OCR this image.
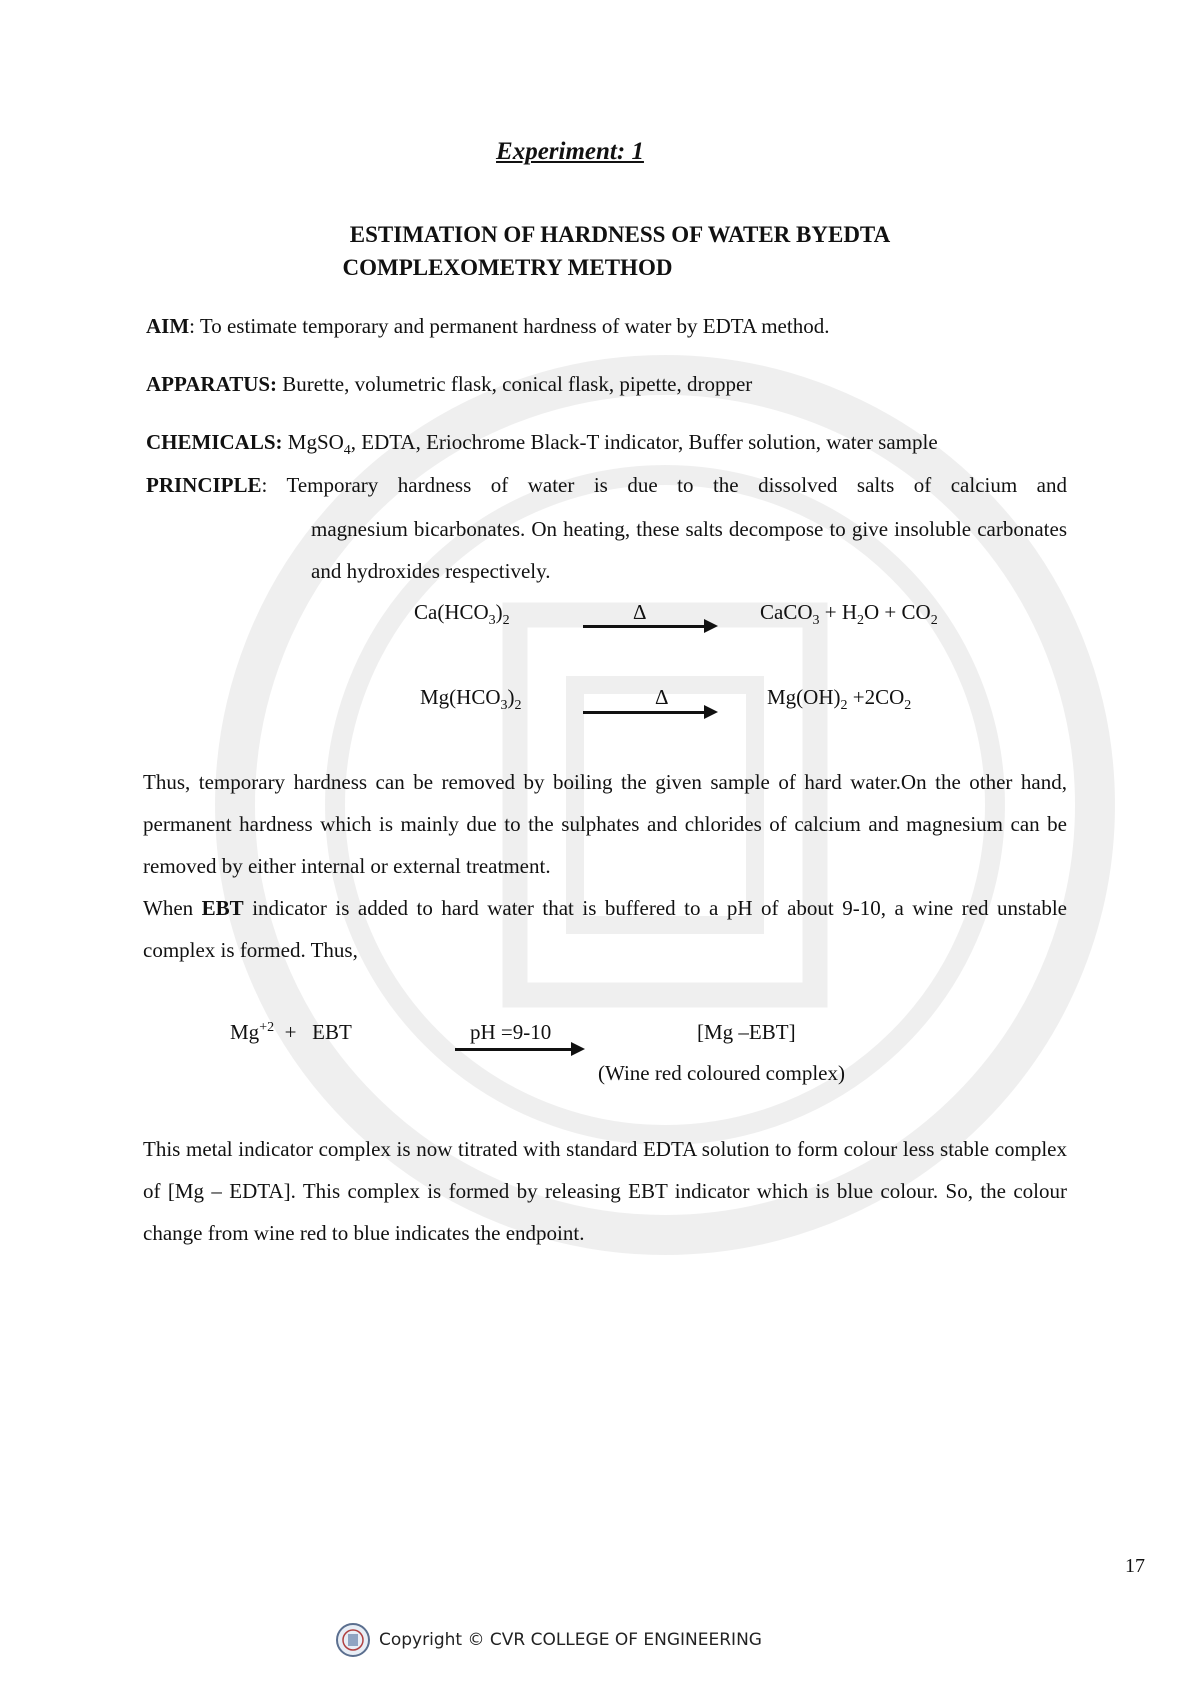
Experiment: 1
ESTIMATION OF HARDNESS OF WATER BYEDTA

COMPLEXOMETRY METHOD
AIM: To estimate temporary and permanent hardness of water by EDTA method.
APPARATUS: Burette, volumetric flask, conical flask, pipette, dropper
CHEMICALS: MgSO$_4$, EDTA, Eriochrome Black-T indicator, Buffer solution, water sample
PRINCIPLE : Temporary hardness of water is due to the dissolved salts of calcium and
magnesium bicarbonates. On heating, these salts decompose to give insoluble carbonates and hydroxides respectively.
$Ca(HCO_3)_2$	Δ	CaCO$_3$ + $H_2O + CO_2$
$Mg(HCO_3)_2$	Δ	$Mg(OH)_2 +2CO_2$
Thus, temporary hardness can be removed by boiling the given sample of hard water.On the other hand, permanent hardness which is mainly due to the sulphates and chlorides of calcium and magnesium can be removed by either internal or external treatment.
When EBT indicator is added to hard water that is buffered to a pH of about 9-10, a wine red unstable complex is formed. Thus,
$Mg^{+2}$  +   EBT	pH =9-10	[Mg –EBT]
(Wine red coloured complex)
This metal indicator complex is now titrated with standard EDTA solution to form colour less stable complex of [Mg – EDTA]. This complex is formed by releasing EBT indicator which is blue colour. So, the colour change from wine red to blue indicates the endpoint.
17
Copyright © CVR COLLEGE OF ENGINEERING
